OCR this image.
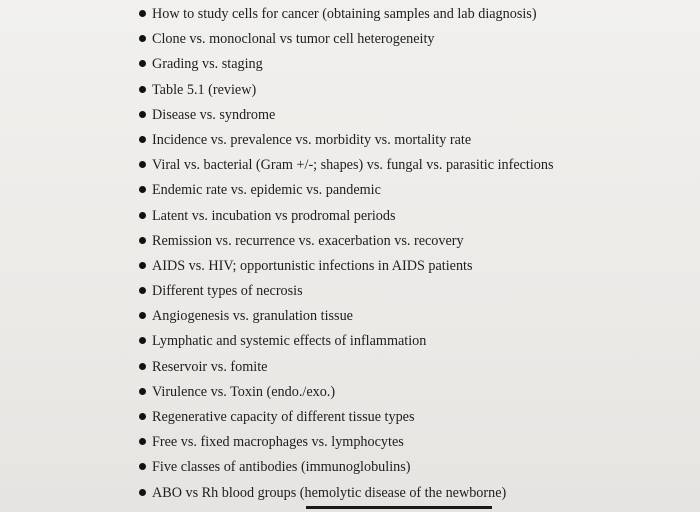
How to study cells for cancer (obtaining samples and lab diagnosis)
Clone vs. monoclonal vs tumor cell heterogeneity
Grading vs. staging
Table 5.1 (review)
Disease vs. syndrome
Incidence vs. prevalence vs. morbidity vs. mortality rate
Viral vs. bacterial (Gram +/-; shapes) vs. fungal vs. parasitic infections
Endemic rate vs. epidemic vs. pandemic
Latent vs. incubation vs prodromal periods
Remission vs. recurrence vs. exacerbation vs. recovery
AIDS vs. HIV; opportunistic infections in AIDS patients
Different types of necrosis
Angiogenesis vs. granulation tissue
Lymphatic and systemic effects of inflammation
Reservoir vs. fomite
Virulence vs. Toxin (endo./exo.)
Regenerative capacity of different tissue types
Free vs. fixed macrophages vs. lymphocytes
Five classes of antibodies (immunoglobulins)
ABO vs Rh blood groups (hemolytic disease of the newborne)
